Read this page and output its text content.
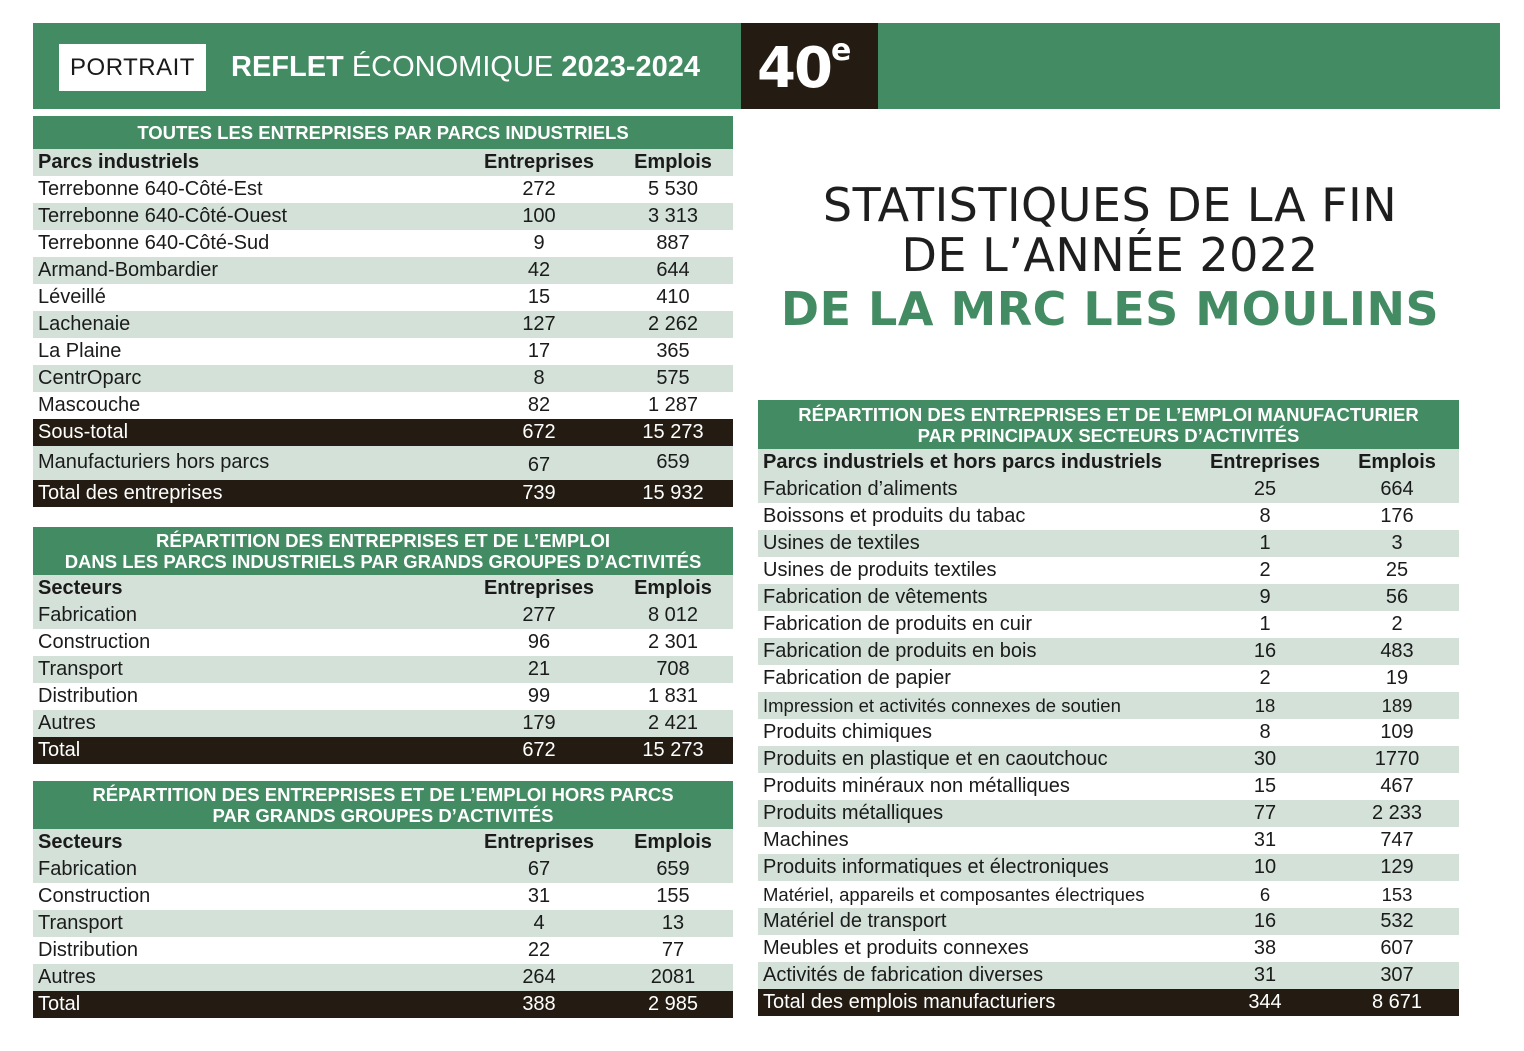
PORTRAIT	REFLET ÉCONOMIQUE 2023-2024 40e
STATISTIQUES DE LA FIN
DE L’ANNÉE 2022
DE LA MRC LES MOULINS
TOUTES LES ENTREPRISES PAR PARCS INDUSTRIELS
Parcs industriels	Entreprises	Emplois
Terrebonne 640-Côté-Est	272	5 530
Terrebonne 640-Côté-Ouest	100	3 313
Terrebonne 640-Côté-Sud	9	887
Armand-Bombardier	42	644
Léveillé	15	410
Lachenaie	127	2 262
La Plaine	17	365
CentrOparc	8	575
Mascouche	82	1 287
Sous-total	672	15 273
Manufacturiers hors parcs	67	659
Total des entreprises	739	15 932
RÉPARTITION DES ENTREPRISES ET DE L’EMPLOI
DANS LES PARCS INDUSTRIELS PAR GRANDS GROUPES D’ACTIVITÉS
Secteurs	Entreprises	Emplois
Fabrication	277	8 012
Construction	96	2 301
Transport	21	708
Distribution	99	1 831
Autres	179	2 421
Total	672	15 273
RÉPARTITION DES ENTREPRISES ET DE L’EMPLOI HORS PARCS
PAR GRANDS GROUPES D’ACTIVITÉS
Secteurs	Entreprises	Emplois
Fabrication	67	659
Construction	31	155
Transport	4	13
Distribution	22	77
Autres	264	2081
Total	388	2 985
RÉPARTITION DES ENTREPRISES ET DE L’EMPLOI MANUFACTURIER
PAR PRINCIPAUX SECTEURS D’ACTIVITÉS
Parcs industriels et hors parcs industriels	Entreprises	Emplois
Fabrication d’aliments	25	664
Boissons et produits du tabac	8	176
Usines de textiles	1	3
Usines de produits textiles	2	25
Fabrication de vêtements	9	56
Fabrication de produits en cuir	1	2
Fabrication de produits en bois	16	483
Fabrication de papier	2	19
Impression et activités connexes de soutien	18	189
Produits chimiques	8	109
Produits en plastique et en caoutchouc	30	1770
Produits minéraux non métalliques	15	467
Produits métalliques	77	2 233
Machines	31	747
Produits informatiques et électroniques	10	129
Matériel, appareils et composantes électriques	6	153
Matériel de transport	16	532
Meubles et produits connexes	38	607
Activités de fabrication diverses	31	307
Total des emplois manufacturiers	344	8 671
